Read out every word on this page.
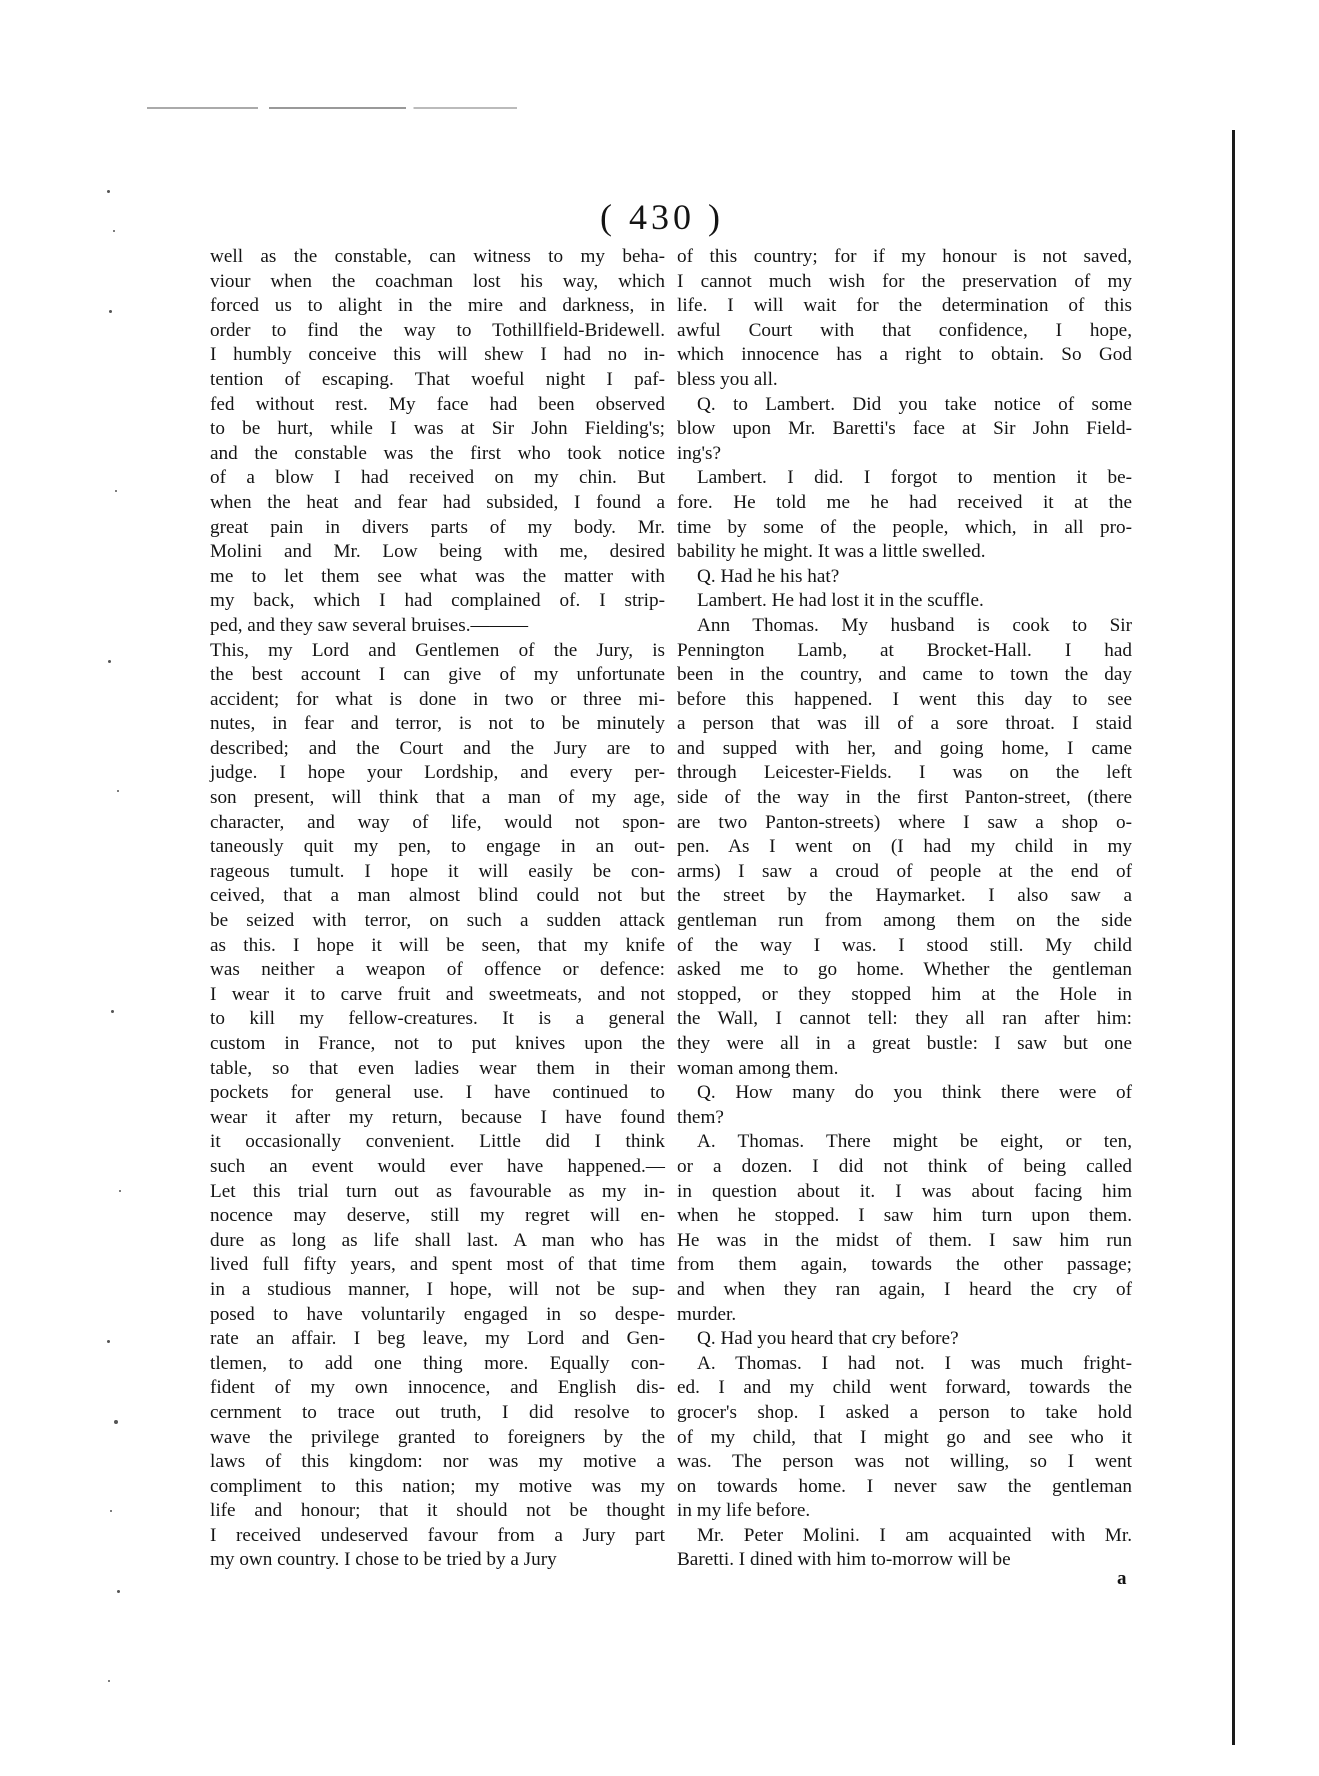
( 430 )
well as the constable, can witness to my beha-
viour when the coachman lost his way, which
forced us to alight in the mire and darkness, in
order to find the way to Tothillfield-Bridewell.
I humbly conceive this will shew I had no in-
tention of escaping. That woeful night I paf-
fed without rest. My face had been observed
to be hurt, while I was at Sir John Fielding's;
and the constable was the first who took notice
of a blow I had received on my chin. But
when the heat and fear had subsided, I found a
great pain in divers parts of my body. Mr.
Molini and Mr. Low being with me, desired
me to let them see what was the matter with
my back, which I had complained of. I strip-
ped, and they saw several bruises.———
This, my Lord and Gentlemen of the Jury, is
the best account I can give of my unfortunate
accident; for what is done in two or three mi-
nutes, in fear and terror, is not to be minutely
described; and the Court and the Jury are to
judge. I hope your Lordship, and every per-
son present, will think that a man of my age,
character, and way of life, would not spon-
taneously quit my pen, to engage in an out-
rageous tumult. I hope it will easily be con-
ceived, that a man almost blind could not but
be seized with terror, on such a sudden attack
as this. I hope it will be seen, that my knife
was neither a weapon of offence or defence:
I wear it to carve fruit and sweetmeats, and not
to kill my fellow-creatures. It is a general
custom in France, not to put knives upon the
table, so that even ladies wear them in their
pockets for general use. I have continued to
wear it after my return, because I have found
it occasionally convenient. Little did I think
such an event would ever have happened.—
Let this trial turn out as favourable as my in-
nocence may deserve, still my regret will en-
dure as long as life shall last. A man who has
lived full fifty years, and spent most of that time
in a studious manner, I hope, will not be sup-
posed to have voluntarily engaged in so despe-
rate an affair. I beg leave, my Lord and Gen-
tlemen, to add one thing more. Equally con-
fident of my own innocence, and English dis-
cernment to trace out truth, I did resolve to
wave the privilege granted to foreigners by the
laws of this kingdom: nor was my motive a
compliment to this nation; my motive was my
life and honour; that it should not be thought
I received undeserved favour from a Jury part
my own country. I chose to be tried by a Jury
of this country; for if my honour is not saved,
I cannot much wish for the preservation of my
life. I will wait for the determination of this
awful Court with that confidence, I hope,
which innocence has a right to obtain. So God
bless you all.
Q. to Lambert. Did you take notice of some
blow upon Mr. Baretti's face at Sir John Field-
ing's?
Lambert. I did. I forgot to mention it be-
fore. He told me he had received it at the
time by some of the people, which, in all pro-
bability he might. It was a little swelled.
Q. Had he his hat?
Lambert. He had lost it in the scuffle.
Ann Thomas. My husband is cook to Sir
Pennington Lamb, at Brocket-Hall. I had
been in the country, and came to town the day
before this happened. I went this day to see
a person that was ill of a sore throat. I staid
and supped with her, and going home, I came
through Leicester-Fields. I was on the left
side of the way in the first Panton-street, (there
are two Panton-streets) where I saw a shop o-
pen. As I went on (I had my child in my
arms) I saw a croud of people at the end of
the street by the Haymarket. I also saw a
gentleman run from among them on the side
of the way I was. I stood still. My child
asked me to go home. Whether the gentleman
stopped, or they stopped him at the Hole in
the Wall, I cannot tell: they all ran after him:
they were all in a great bustle: I saw but one
woman among them.
Q. How many do you think there were of
them?
A. Thomas. There might be eight, or ten,
or a dozen. I did not think of being called
in question about it. I was about facing him
when he stopped. I saw him turn upon them.
He was in the midst of them. I saw him run
from them again, towards the other passage;
and when they ran again, I heard the cry of
murder.
Q. Had you heard that cry before?
A. Thomas. I had not. I was much fright-
ed. I and my child went forward, towards the
grocer's shop. I asked a person to take hold
of my child, that I might go and see who it
was. The person was not willing, so I went
on towards home. I never saw the gentleman
in my life before.
Mr. Peter Molini. I am acquainted with Mr.
Baretti. I dined with him to-morrow will be
a
